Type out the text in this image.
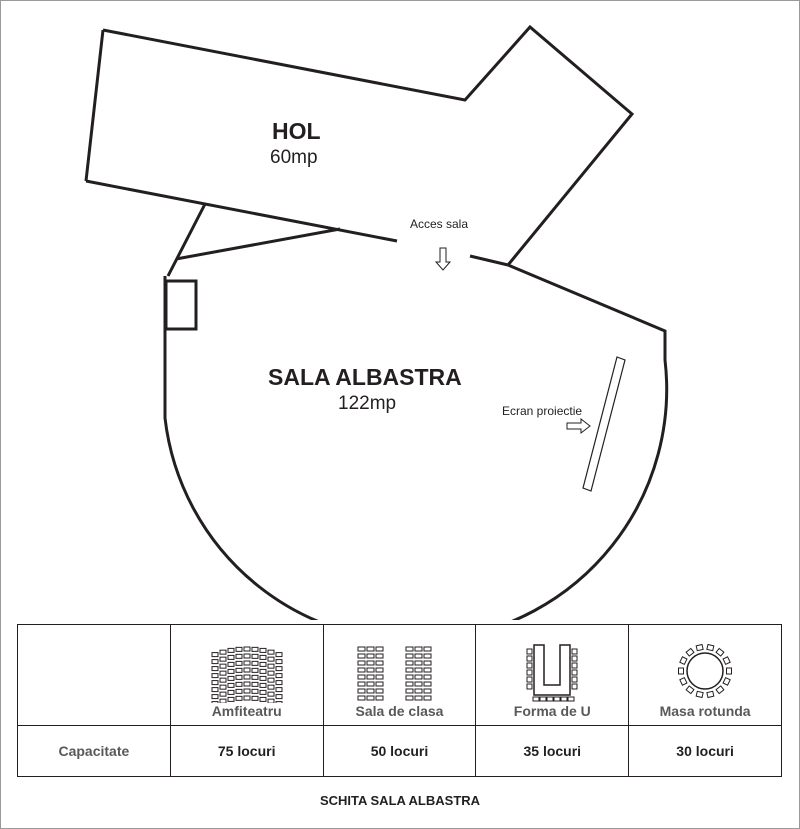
HOL
60mp
Acces sala
SALA ALBASTRA
122mp	Ecran proiectie

	Amfiteatru	Sala de clasa	Forma de U	Masa rotunda

Capacitate	75 locuri	50 locuri	35 locuri	30 locuri
SCHITA SALA ALBASTRA
